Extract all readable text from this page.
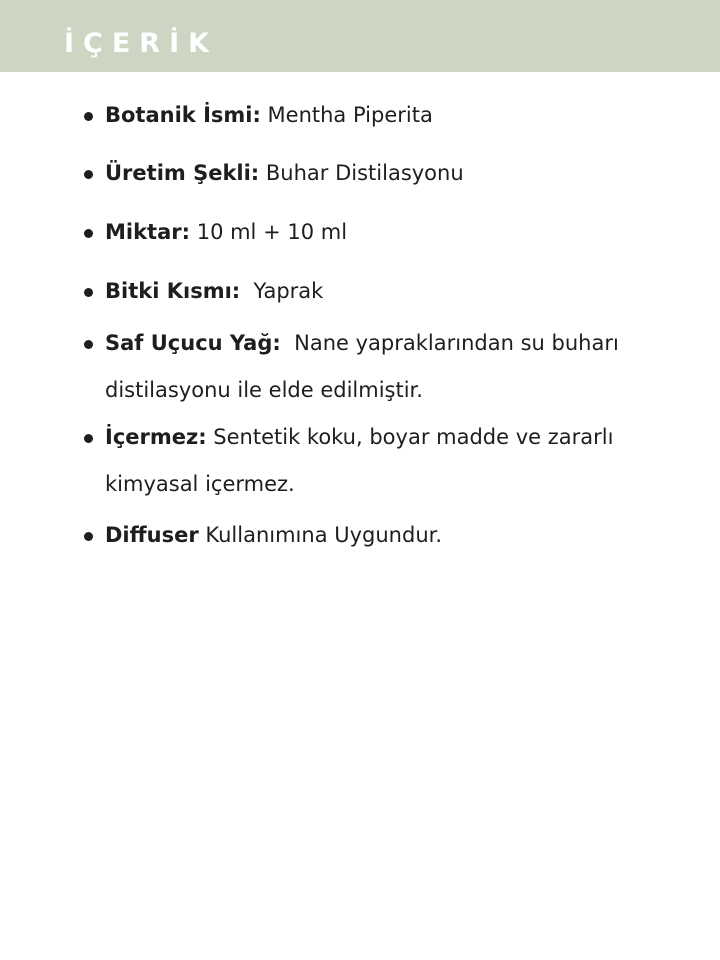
İÇERİK
Botanik İsmi: Mentha Piperita
Üretim Şekli: Buhar Distilasyonu
Miktar: 10 ml + 10 ml
Bitki Kısmı:  Yaprak
Saf Uçucu Yağ:  Nane yapraklarından su buharı
distilasyonu ile elde edilmiştir.
İçermez: Sentetik koku, boyar madde ve zararlı
kimyasal içermez.
Diffuser Kullanımına Uygundur.
